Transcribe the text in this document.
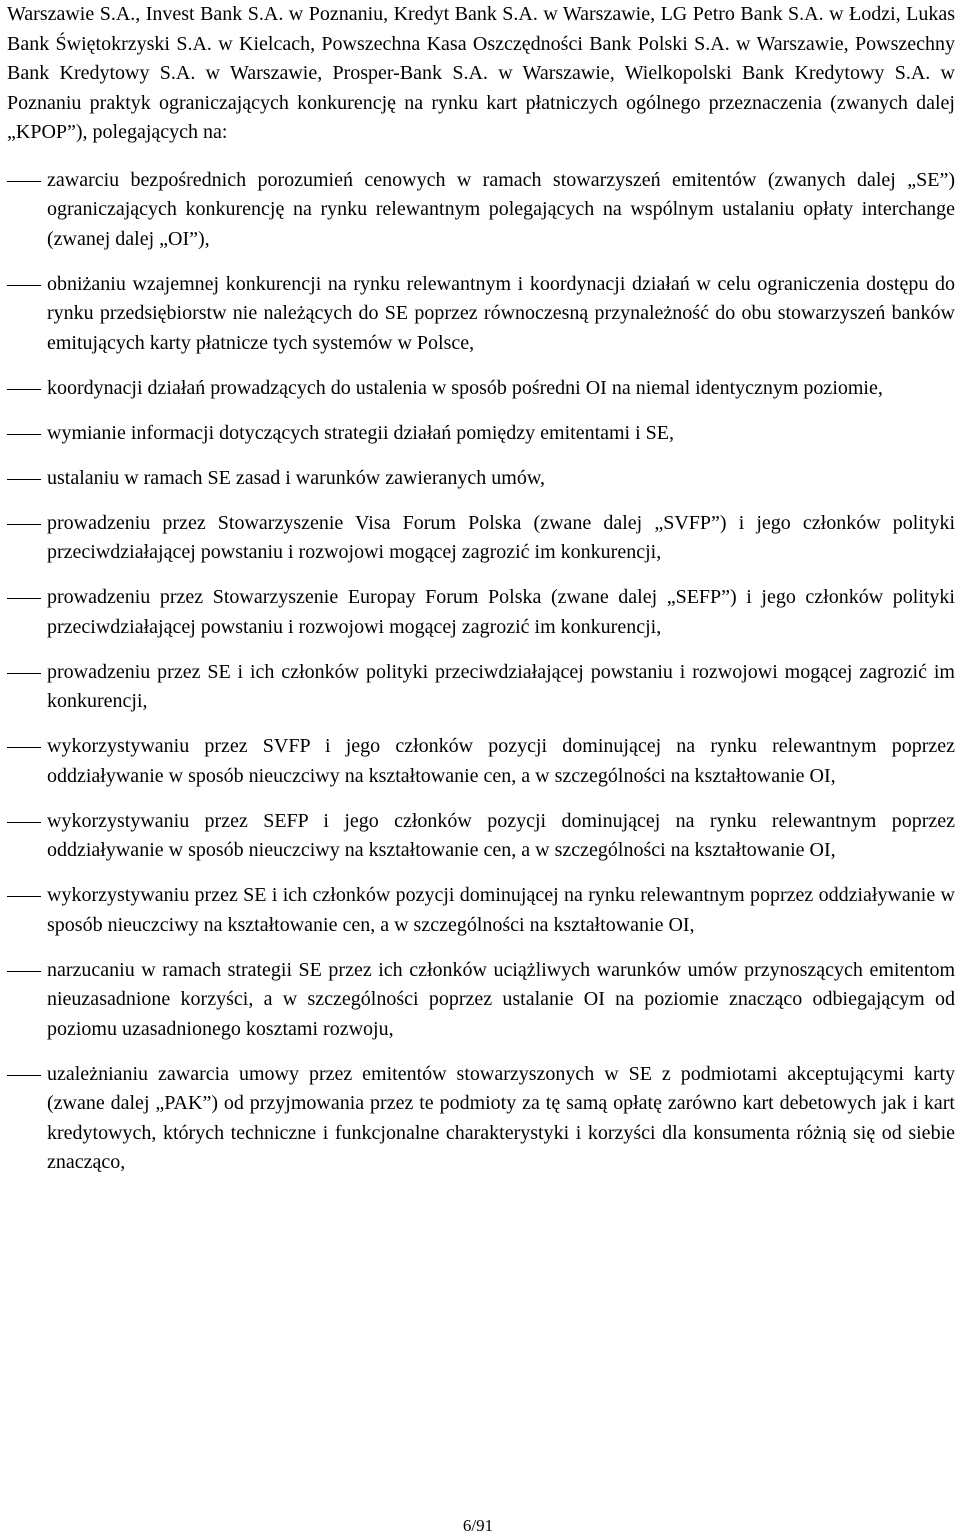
Warszawie S.A., Invest Bank S.A. w Poznaniu, Kredyt Bank S.A. w Warszawie, LG Petro Bank S.A. w Łodzi, Lukas Bank Świętokrzyski S.A. w Kielcach, Powszechna Kasa Oszczędności Bank Polski S.A. w Warszawie, Powszechny Bank Kredytowy S.A. w Warszawie, Prosper-Bank S.A. w Warszawie, Wielkopolski Bank Kredytowy S.A. w Poznaniu praktyk ograniczających konkurencję na rynku kart płatniczych ogólnego przeznaczenia (zwanych dalej „KPOP”), polegających na:

zawarciu bezpośrednich porozumień cenowych w ramach stowarzyszeń emitentów (zwanych dalej „SE”) ograniczających konkurencję na rynku relewantnym polegających na wspólnym ustalaniu opłaty interchange (zwanej dalej „OI”),
obniżaniu wzajemnej konkurencji na rynku relewantnym i koordynacji działań w celu ograniczenia dostępu do rynku przedsiębiorstw nie należących do SE poprzez równoczesną przynależność do obu stowarzyszeń banków emitujących karty płatnicze tych systemów w Polsce,
koordynacji działań prowadzących do ustalenia w sposób pośredni OI na niemal identycznym poziomie,
wymianie informacji dotyczących strategii działań pomiędzy emitentami i SE,
ustalaniu w ramach SE zasad i warunków zawieranych umów,
prowadzeniu przez Stowarzyszenie Visa Forum Polska (zwane dalej „SVFP”) i jego członków polityki przeciwdziałającej powstaniu i rozwojowi mogącej zagrozić im konkurencji,
prowadzeniu przez Stowarzyszenie Europay Forum Polska (zwane dalej „SEFP”) i jego członków polityki przeciwdziałającej powstaniu i rozwojowi mogącej zagrozić im konkurencji,
prowadzeniu przez SE i ich członków polityki przeciwdziałającej powstaniu i rozwojowi mogącej zagrozić im konkurencji,
wykorzystywaniu przez SVFP i jego członków pozycji dominującej na rynku relewantnym poprzez oddziaływanie w sposób nieuczciwy na kształtowanie cen, a w szczególności na kształtowanie OI,
wykorzystywaniu przez SEFP i jego członków pozycji dominującej na rynku relewantnym poprzez oddziaływanie w sposób nieuczciwy na kształtowanie cen, a w szczególności na kształtowanie OI,
wykorzystywaniu przez SE i ich członków pozycji dominującej na rynku relewantnym poprzez oddziaływanie w sposób nieuczciwy na kształtowanie cen, a w szczególności na kształtowanie OI,
narzucaniu w ramach strategii SE przez ich członków uciążliwych warunków umów przynoszących emitentom nieuzasadnione korzyści, a w szczególności poprzez ustalanie OI na poziomie znacząco odbiegającym od poziomu uzasadnionego kosztami rozwoju,
uzależnianiu zawarcia umowy przez emitentów stowarzyszonych w SE z podmiotami akceptującymi karty (zwane dalej „PAK”) od przyjmowania przez te podmioty za tę samą opłatę zarówno kart debetowych jak i kart kredytowych, których techniczne i funkcjonalne charakterystyki i korzyści dla konsumenta różnią się od siebie znacząco,
6/91
